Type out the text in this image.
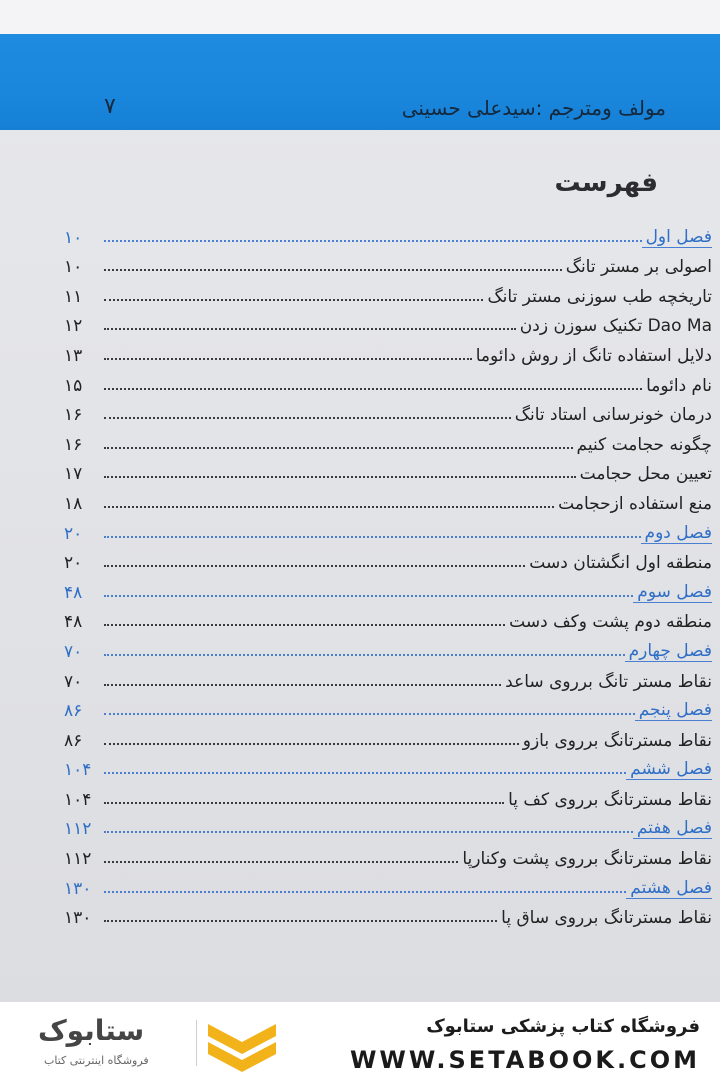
مولف ومترجم :سیدعلی حسینی
۷
فهرست
فصل اول
۱۰
اصولی بر مستر تانگ
۱۰
تاریخچه طب سوزنی مستر تانگ
۱۱
تکنیک سوزن زدن Dao Ma
۱۲
دلایل استفاده تانگ از روش دائوما
۱۳
نام دائوما
۱۵
درمان خونرسانی استاد تانگ
۱۶
چگونه حجامت کنیم
۱۶
تعیین محل حجامت
۱۷
منع استفاده ازحجامت
۱۸
فصل دوم
۲۰
منطقه اول انگشتان دست
۲۰
فصل سوم
۴۸
منطقه دوم پشت وکف دست
۴۸
فصل چهارم
۷۰
نقاط مستر تانگ برروی ساعد
۷۰
فصل پنجم
۸۶
نقاط مسترتانگ برروی بازو
۸۶
فصل ششم
۱۰۴
نقاط مسترتانگ برروی کف پا
۱۰۴
فصل هفتم
۱۱۲
نقاط مسترتانگ برروی پشت وکنارپا
۱۱۲
فصل هشتم
۱۳۰
نقاط مسترتانگ برروی ساق پا
۱۳۰
ستابوک
فروشگاه اینترنتی کتاب
فروشگاه کتاب پزشکی ستابوک
WWW.SETABOOK.COM
